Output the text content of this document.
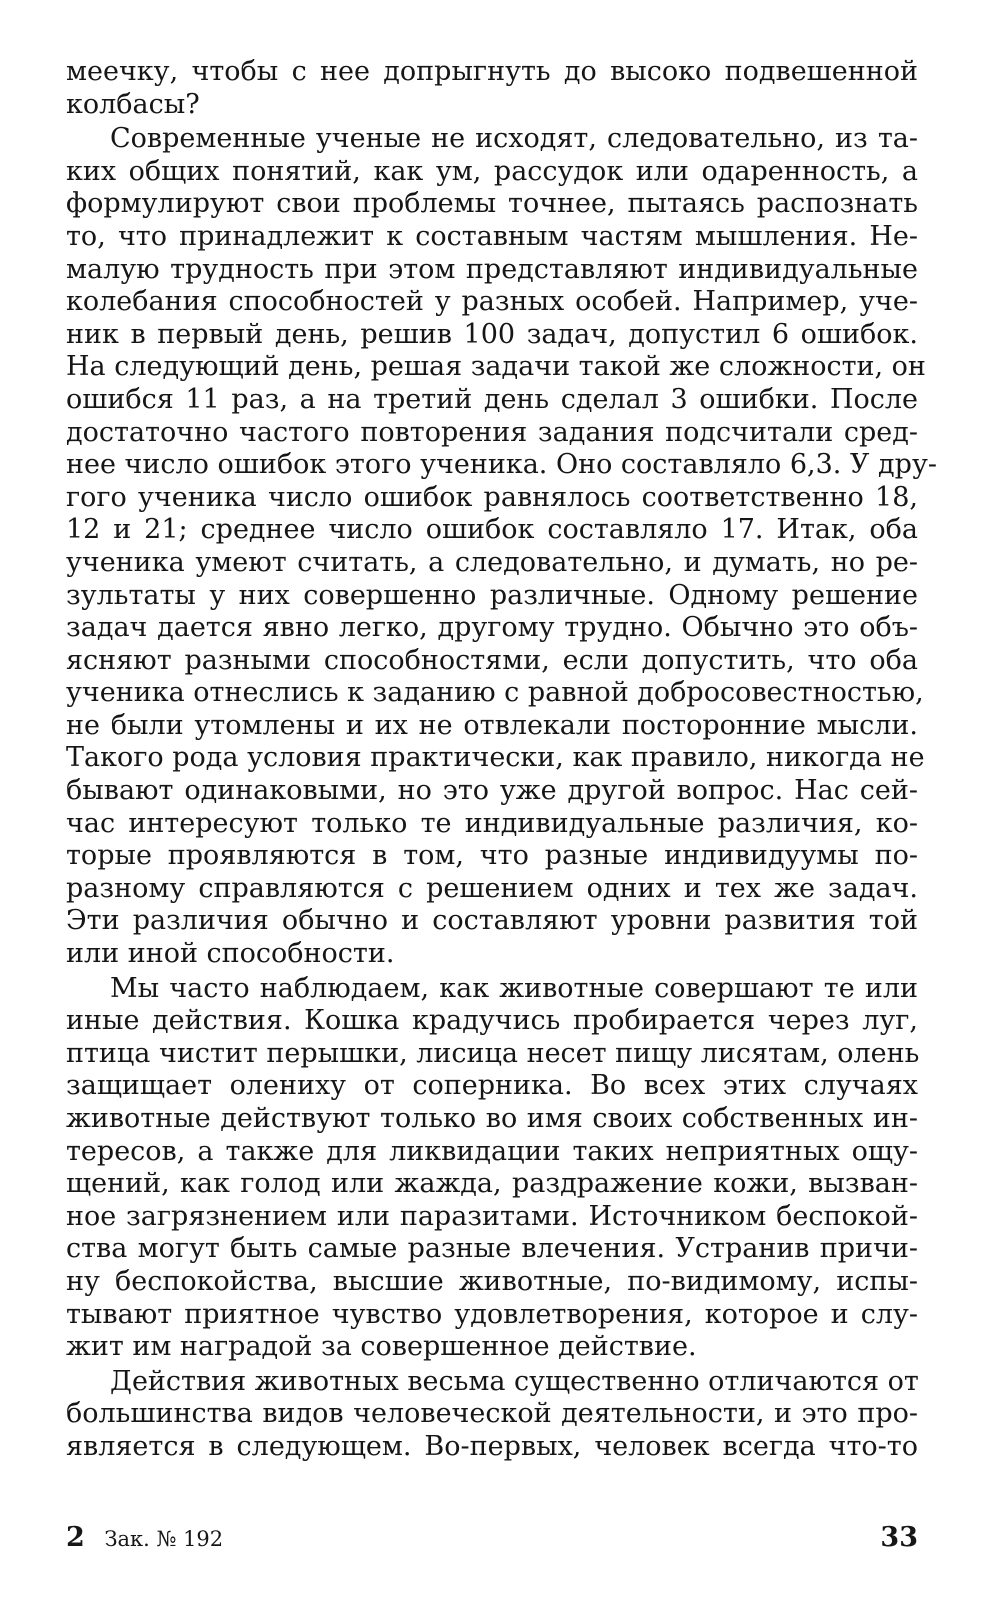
меечку, чтобы с нее допрыгнуть до высоко подвешенной
колбасы?
Современные ученые не исходят, следовательно, из та-
ких общих понятий, как ум, рассудок или одаренность, а
формулируют свои проблемы точнее, пытаясь распознать
то, что принадлежит к составным частям мышления. Не-
малую трудность при этом представляют индивидуальные
колебания способностей у разных особей. Например, уче-
ник в первый день, решив 100 задач, допустил 6 ошибок.
На следующий день, решая задачи такой же сложности, он
ошибся 11 раз, а на третий день сделал 3 ошибки. После
достаточно частого повторения задания подсчитали сред-
нее число ошибок этого ученика. Оно составляло 6,3. У дру-
гого ученика число ошибок равнялось соответственно 18,
12 и 21; среднее число ошибок составляло 17. Итак, оба
ученика умеют считать, а следовательно, и думать, но ре-
зультаты у них совершенно различные. Одному решение
задач дается явно легко, другому трудно. Обычно это объ-
ясняют разными способностями, если допустить, что оба
ученика отнеслись к заданию с равной добросовестностью,
не были утомлены и их не отвлекали посторонние мысли.
Такого рода условия практически, как правило, никогда не
бывают одинаковыми, но это уже другой вопрос. Нас сей-
час интересуют только те индивидуальные различия, ко-
торые проявляются в том, что разные индивидуумы по-
разному справляются с решением одних и тех же задач.
Эти различия обычно и составляют уровни развития той
или иной способности.
Мы часто наблюдаем, как животные совершают те или
иные действия. Кошка крадучись пробирается через луг,
птица чистит перышки, лисица несет пищу лисятам, олень
защищает олениху от соперника. Во всех этих случаях
животные действуют только во имя своих собственных ин-
тересов, а также для ликвидации таких неприятных ощу-
щений, как голод или жажда, раздражение кожи, вызван-
ное загрязнением или паразитами. Источником беспокой-
ства могут быть самые разные влечения. Устранив причи-
ну беспокойства, высшие животные, по-видимому, испы-
тывают приятное чувство удовлетворения, которое и слу-
жит им наградой за совершенное действие.
Действия животных весьма существенно отличаются от
большинства видов человеческой деятельности, и это про-
является в следующем. Во-первых, человек всегда что-то
2 Зак. № 192	33
